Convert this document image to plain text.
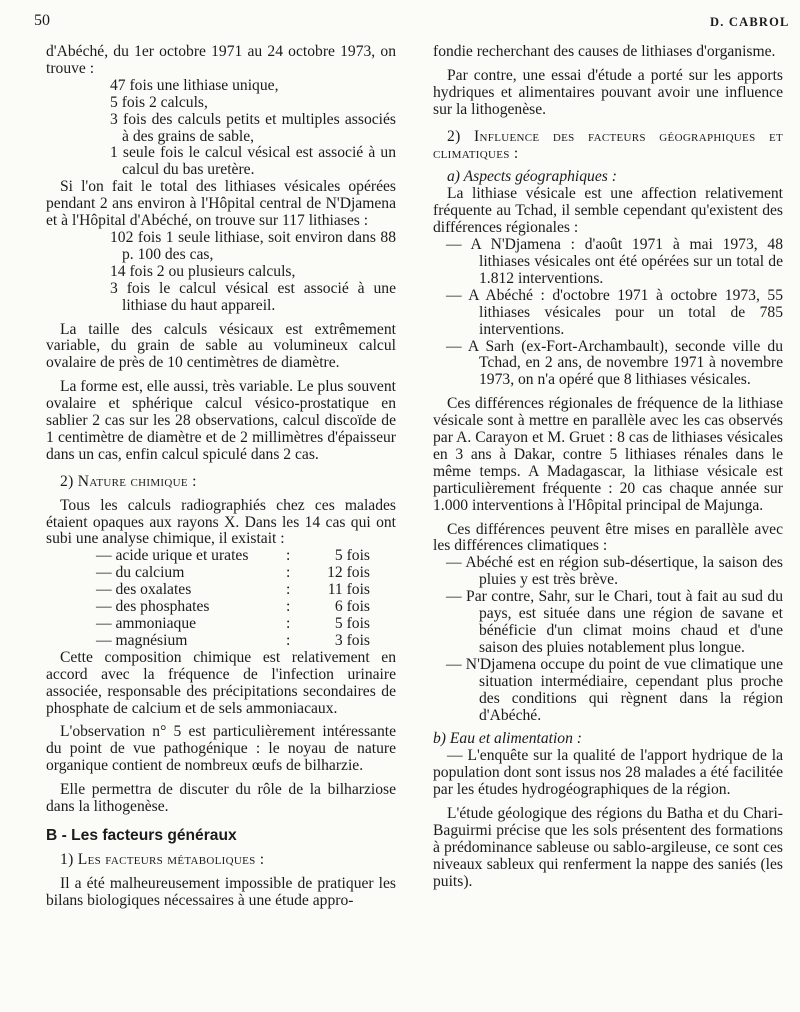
50	D. CABROL

d'Abéché, du 1er octobre 1971 au 24 octobre 1973, on trouve :

47 fois une lithiase unique,

5 fois 2 calculs,

3 fois des calculs petits et multiples associés à des grains de sable,

1 seule fois le calcul vésical est associé à un calcul du bas uretère.

Si l'on fait le total des lithiases vésicales opérées pendant 2 ans environ à l'Hôpital central de N'Djamena et à l'Hôpital d'Abéché, on trouve sur 117 lithiases :

102 fois 1 seule lithiase, soit environ dans 88 p. 100 des cas,

14 fois 2 ou plusieurs calculs,

3 fois le calcul vésical est associé à une lithiase du haut appareil.

La taille des calculs vésicaux est extrêmement variable, du grain de sable au volumineux calcul ovalaire de près de 10 centimètres de diamètre.

La forme est, elle aussi, très variable. Le plus souvent ovalaire et sphérique calcul vésico-prostatique en sablier 2 cas sur les 28 observations, calcul discoïde de 1 centimètre de diamètre et de 2 millimètres d'épaisseur dans un cas, enfin calcul spiculé dans 2 cas.

2) Nature chimique :

Tous les calculs radiographiés chez ces malades étaient opaques aux rayons X. Dans les 14 cas qui ont subi une analyse chimique, il existait :

— acide urique et urates	:	5 fois
— du calcium	:	12 fois
— des oxalates	:	11 fois
— des phosphates	:	6 fois
— ammoniaque	:	5 fois
— magnésium	:	3 fois

Cette composition chimique est relativement en accord avec la fréquence de l'infection urinaire associée, responsable des précipitations secondaires de phosphate de calcium et de sels ammoniacaux.

L'observation n° 5 est particulièrement intéressante du point de vue pathogénique : le noyau de nature organique contient de nombreux œufs de bilharzie.

Elle permettra de discuter du rôle de la bilharziose dans la lithogenèse.

B - Les facteurs généraux

1) Les facteurs métaboliques :

Il a été malheureusement impossible de pratiquer les bilans biologiques nécessaires à une étude appro-

fondie recherchant des causes de lithiases d'organisme.

Par contre, une essai d'étude a porté sur les apports hydriques et alimentaires pouvant avoir une influence sur la lithogenèse.

2) Influence des facteurs géographiques et climatiques :

a) Aspects géographiques :

La lithiase vésicale est une affection relativement fréquente au Tchad, il semble cependant qu'existent des différences régionales :

— A N'Djamena : d'août 1971 à mai 1973, 48 lithiases vésicales ont été opérées sur un total de 1.812 interventions.

— A Abéché : d'octobre 1971 à octobre 1973, 55 lithiases vésicales pour un total de 785 interventions.

— A Sarh (ex-Fort-Archambault), seconde ville du Tchad, en 2 ans, de novembre 1971 à novembre 1973, on n'a opéré que 8 lithiases vésicales.

Ces différences régionales de fréquence de la lithiase vésicale sont à mettre en parallèle avec les cas observés par A. Carayon et M. Gruet : 8 cas de lithiases vésicales en 3 ans à Dakar, contre 5 lithiases rénales dans le même temps. A Madagascar, la lithiase vésicale est particulièrement fréquente : 20 cas chaque année sur 1.000 interventions à l'Hôpital principal de Majunga.

Ces différences peuvent être mises en parallèle avec les différences climatiques :

— Abéché est en région sub-désertique, la saison des pluies y est très brève.

— Par contre, Sahr, sur le Chari, tout à fait au sud du pays, est située dans une région de savane et bénéficie d'un climat moins chaud et d'une saison des pluies notablement plus longue.

— N'Djamena occupe du point de vue climatique une situation intermédiaire, cependant plus proche des conditions qui règnent dans la région d'Abéché.

b) Eau et alimentation :

— L'enquête sur la qualité de l'apport hydrique de la population dont sont issus nos 28 malades a été facilitée par les études hydrogéographiques de la région.

L'étude géologique des régions du Batha et du Chari-Baguirmi précise que les sols présentent des formations à prédominance sableuse ou sablo-argileuse, ce sont ces niveaux sableux qui renferment la nappe des saniés (les puits).
